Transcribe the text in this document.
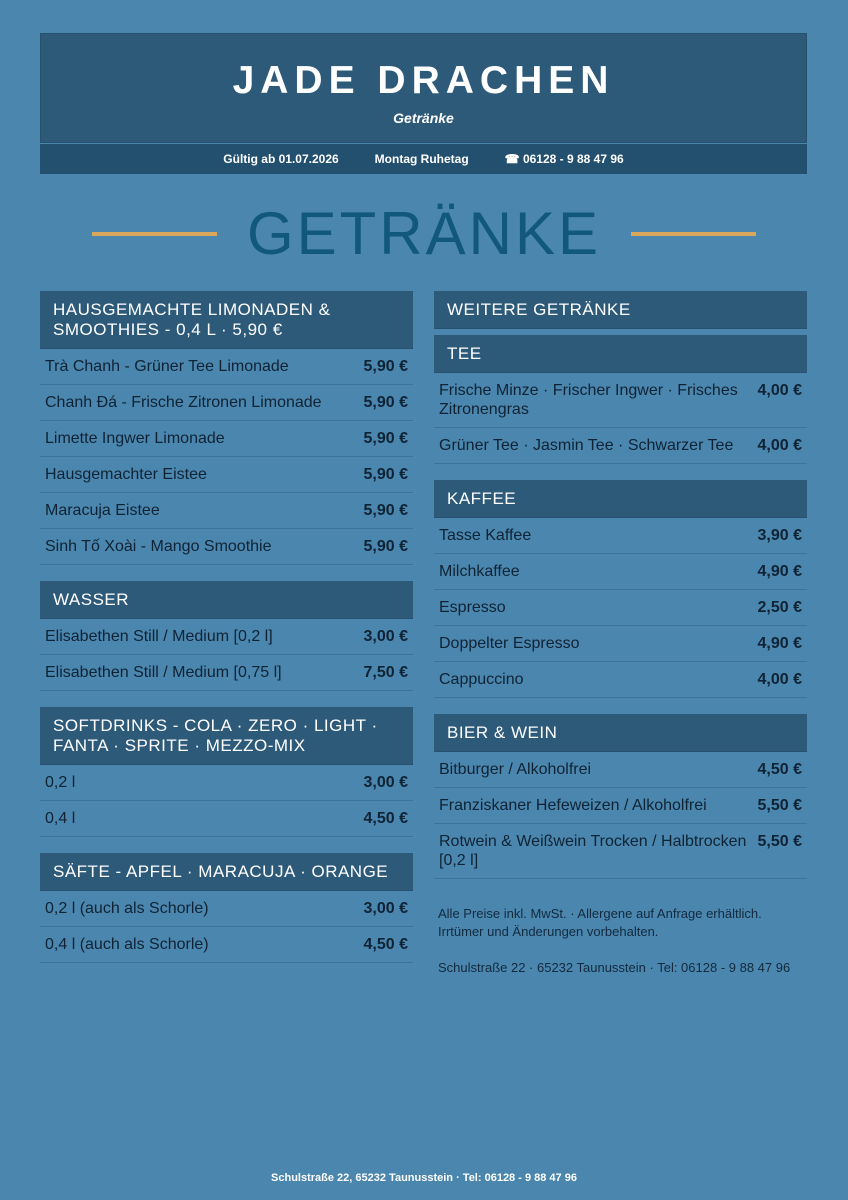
JADE DRACHEN
Getränke
Gültig ab 01.07.2026	Montag Ruhetag	☎ 06128 - 9 88 47 96
GETRÄNKE
HAUSGEMACHTE LIMONADEN & SMOOTHIES - 0,4 L · 5,90 €
Trà Chanh - Grüner Tee Limonade	5,90 €
Chanh Đá - Frische Zitronen Limonade	5,90 €
Limette Ingwer Limonade	5,90 €
Hausgemachter Eistee	5,90 €
Maracuja Eistee	5,90 €
Sinh Tố Xoài - Mango Smoothie	5,90 €
WASSER
Elisabethen Still / Medium [0,2 l]	3,00 €
Elisabethen Still / Medium [0,75 l]	7,50 €
SOFTDRINKS - COLA · ZERO · LIGHT · FANTA · SPRITE · MEZZO-MIX
0,2 l	3,00 €
0,4 l	4,50 €
SÄFTE - APFEL · MARACUJA · ORANGE
0,2 l (auch als Schorle)	3,00 €
0,4 l (auch als Schorle)	4,50 €
WEITERE GETRÄNKE
TEE
Frische Minze · Frischer Ingwer · Frisches Zitronengras
4,00 €
Grüner Tee · Jasmin Tee · Schwarzer Tee	4,00 €
KAFFEE
Tasse Kaffee	3,90 €
Milchkaffee	4,90 €
Espresso	2,50 €
Doppelter Espresso	4,90 €
Cappuccino	4,00 €
BIER & WEIN
Bitburger / Alkoholfrei	4,50 €
Franziskaner Hefeweizen / Alkoholfrei	5,50 €
Rotwein & Weißwein Trocken / Halbtrocken [0,2 l]
5,50 €

Alle Preise inkl. MwSt. · Allergene auf Anfrage erhältlich. Irrtümer und Änderungen vorbehalten.

Schulstraße 22 · 65232 Taunusstein · Tel: 06128 - 9 88 47 96

Schulstraße 22, 65232 Taunusstein · Tel: 06128 - 9 88 47 96
